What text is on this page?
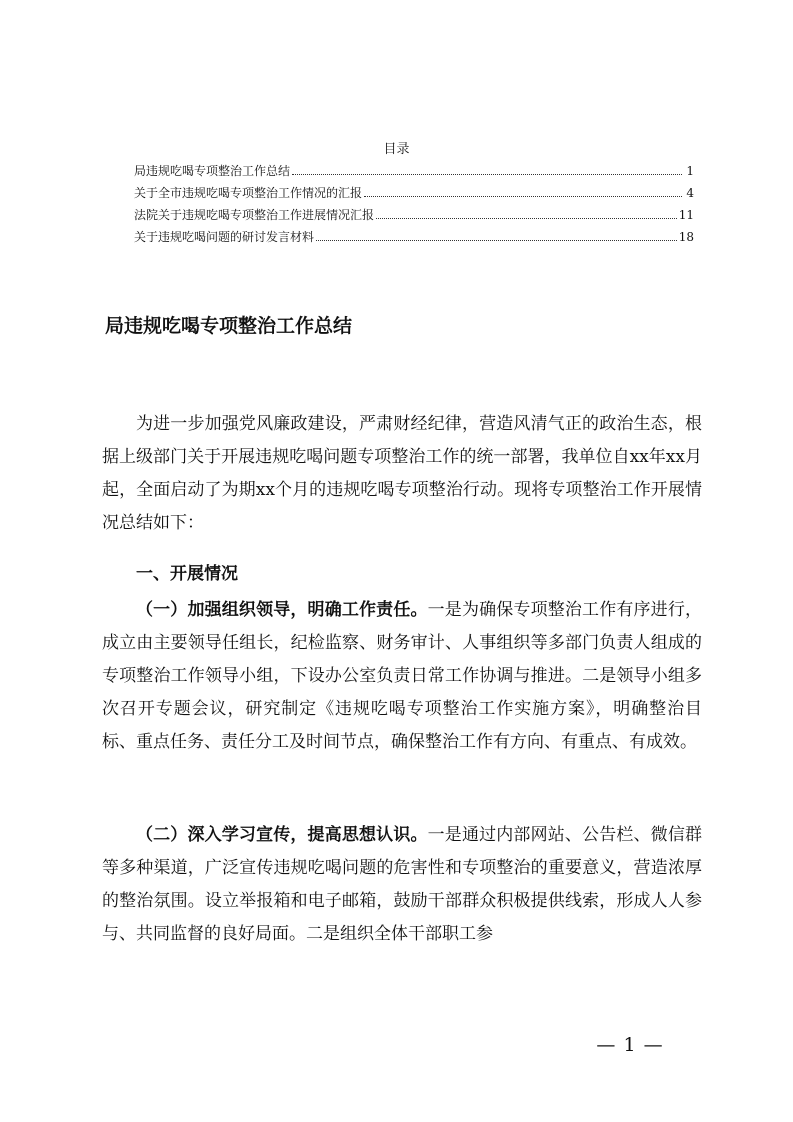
目录
局违规吃喝专项整治工作总结	1
关于全市违规吃喝专项整治工作情况的汇报	4
法院关于违规吃喝专项整治工作进展情况汇报	11
关于违规吃喝问题的研讨发言材料	18
局违规吃喝专项整治工作总结

为进一步加强党风廉政建设，严肃财经纪律，营造风清气正的政治生态，根据上级部门关于开展违规吃喝问题专项整治工作的统一部署，我单位自xx年xx月起，全面启动了为期xx个月的违规吃喝专项整治行动。现将专项整治工作开展情况总结如下：

一、开展情况

（一）加强组织领导，明确工作责任。一是为确保专项整治工作有序进行，成立由主要领导任组长，纪检监察、财务审计、人事组织等多部门负责人组成的专项整治工作领导小组，下设办公室负责日常工作协调与推进。二是领导小组多次召开专题会议，研究制定《违规吃喝专项整治工作实施方案》，明确整治目标、重点任务、责任分工及时间节点，确保整治工作有方向、有重点、有成效。

（二）深入学习宣传，提高思想认识。一是通过内部网站、公告栏、微信群等多种渠道，广泛宣传违规吃喝问题的危害性和专项整治的重要意义，营造浓厚的整治氛围。设立举报箱和电子邮箱，鼓励干部群众积极提供线索，形成人人参与、共同监督的良好局面。二是组织全体干部职工参

— 1 —
